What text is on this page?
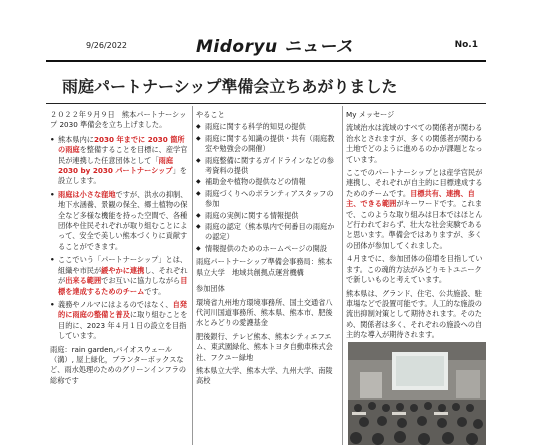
9/26/2022	Midoryu ニュース	No.1
雨庭パートナーシップ準備会立ちあがりました

２０２２年９月９日　熊本パートナーシップ 2030 準備会を立ち上げました。

• 熊本県内に2030 年までに 2030 箇所の雨庭を整備することを目標に、産学官民が連携した任意団体として「雨庭 2030 by 2030 パートナーシップ」を設立します。
• 雨庭は小さな窪地ですが、洪水の抑制、地下水涵養、景観の保全、郷土植物の保全など多様な機能を持った空間で、各種団体や住民それぞれが取り組むことによって、安全で美しい熊本づくりに貢献することができます。
• ここでいう「パートナーシップ」とは、組織や市民が緩やかに連携し、それぞれが出来る範囲でお互いに協力しながら目標を達成するためのチームです。
• 義務やノルマにはよるのではなく、自発的に雨庭の整備と普及に取り組むことを目的に、2023 年４月１日の設立を目指しています。

雨庭：rain garden,バイオスウェール（溝）, 屋上緑化，ブランターボックスなど、雨水処理のためのグリーンインフラの総称です

やること

◆ 雨庭に関する科学的知見の提供
◆ 雨庭に関する知識の提供・共有（雨庭教室や勉強会の開催）
◆ 雨庭整備に関するガイドラインなどの参考資料の提供
◆ 補助金や植物の提供などの情報
◆ 雨庭づくりへのボランティアスタッフの参加
◆ 雨庭の実例に関する情報提供
◆ 雨庭の認定（熊本県内で何番目の雨庭かの認定）
◆ 情報提供のためのホームページの開設

雨庭パートナーシップ準備会事務局：熊本県立大学　地域共創拠点運営機構

参加団体

環境省九州地方環境事務所、国土交通省八代河川国道事務所、熊本県、熊本市、肥後水とみどりの愛護基金

肥後銀行、テレビ熊本、熊本シティエフエム、東武園緑化、熊本トヨタ自動車株式会社、フクユー緑地

熊本県立大学、熊本大学、九州大学、南陵高校

My メッセージ

流域治水は流域のすべての関係者が関わる治水とされますが、多くの関係者が関わる土地でどのように進めるのかが課題となっています。

ここでのパートナーシップとは産学官民が連携し、それぞれが自主的に目標達成するためのチームです。目標共有、連携、自主、できる範囲がキーワードです。これまで、このような取り組みは日本ではほとんど行われておらず、壮大な社会実験であると思います。準備会ではありますが、多くの団体が参加してくれました。

４月までに、参加団体の倍増を目指しています。この魂的方法がみどりモトユニークで新しいものと考えています。

熊本県は、グランド、住宅、公共施設、駐車場などで設置可能です。人工的な施設の流出抑制対策として期待されます。そのため、関係者は多く、それぞれの施設への自主的な導入が期待されます。
